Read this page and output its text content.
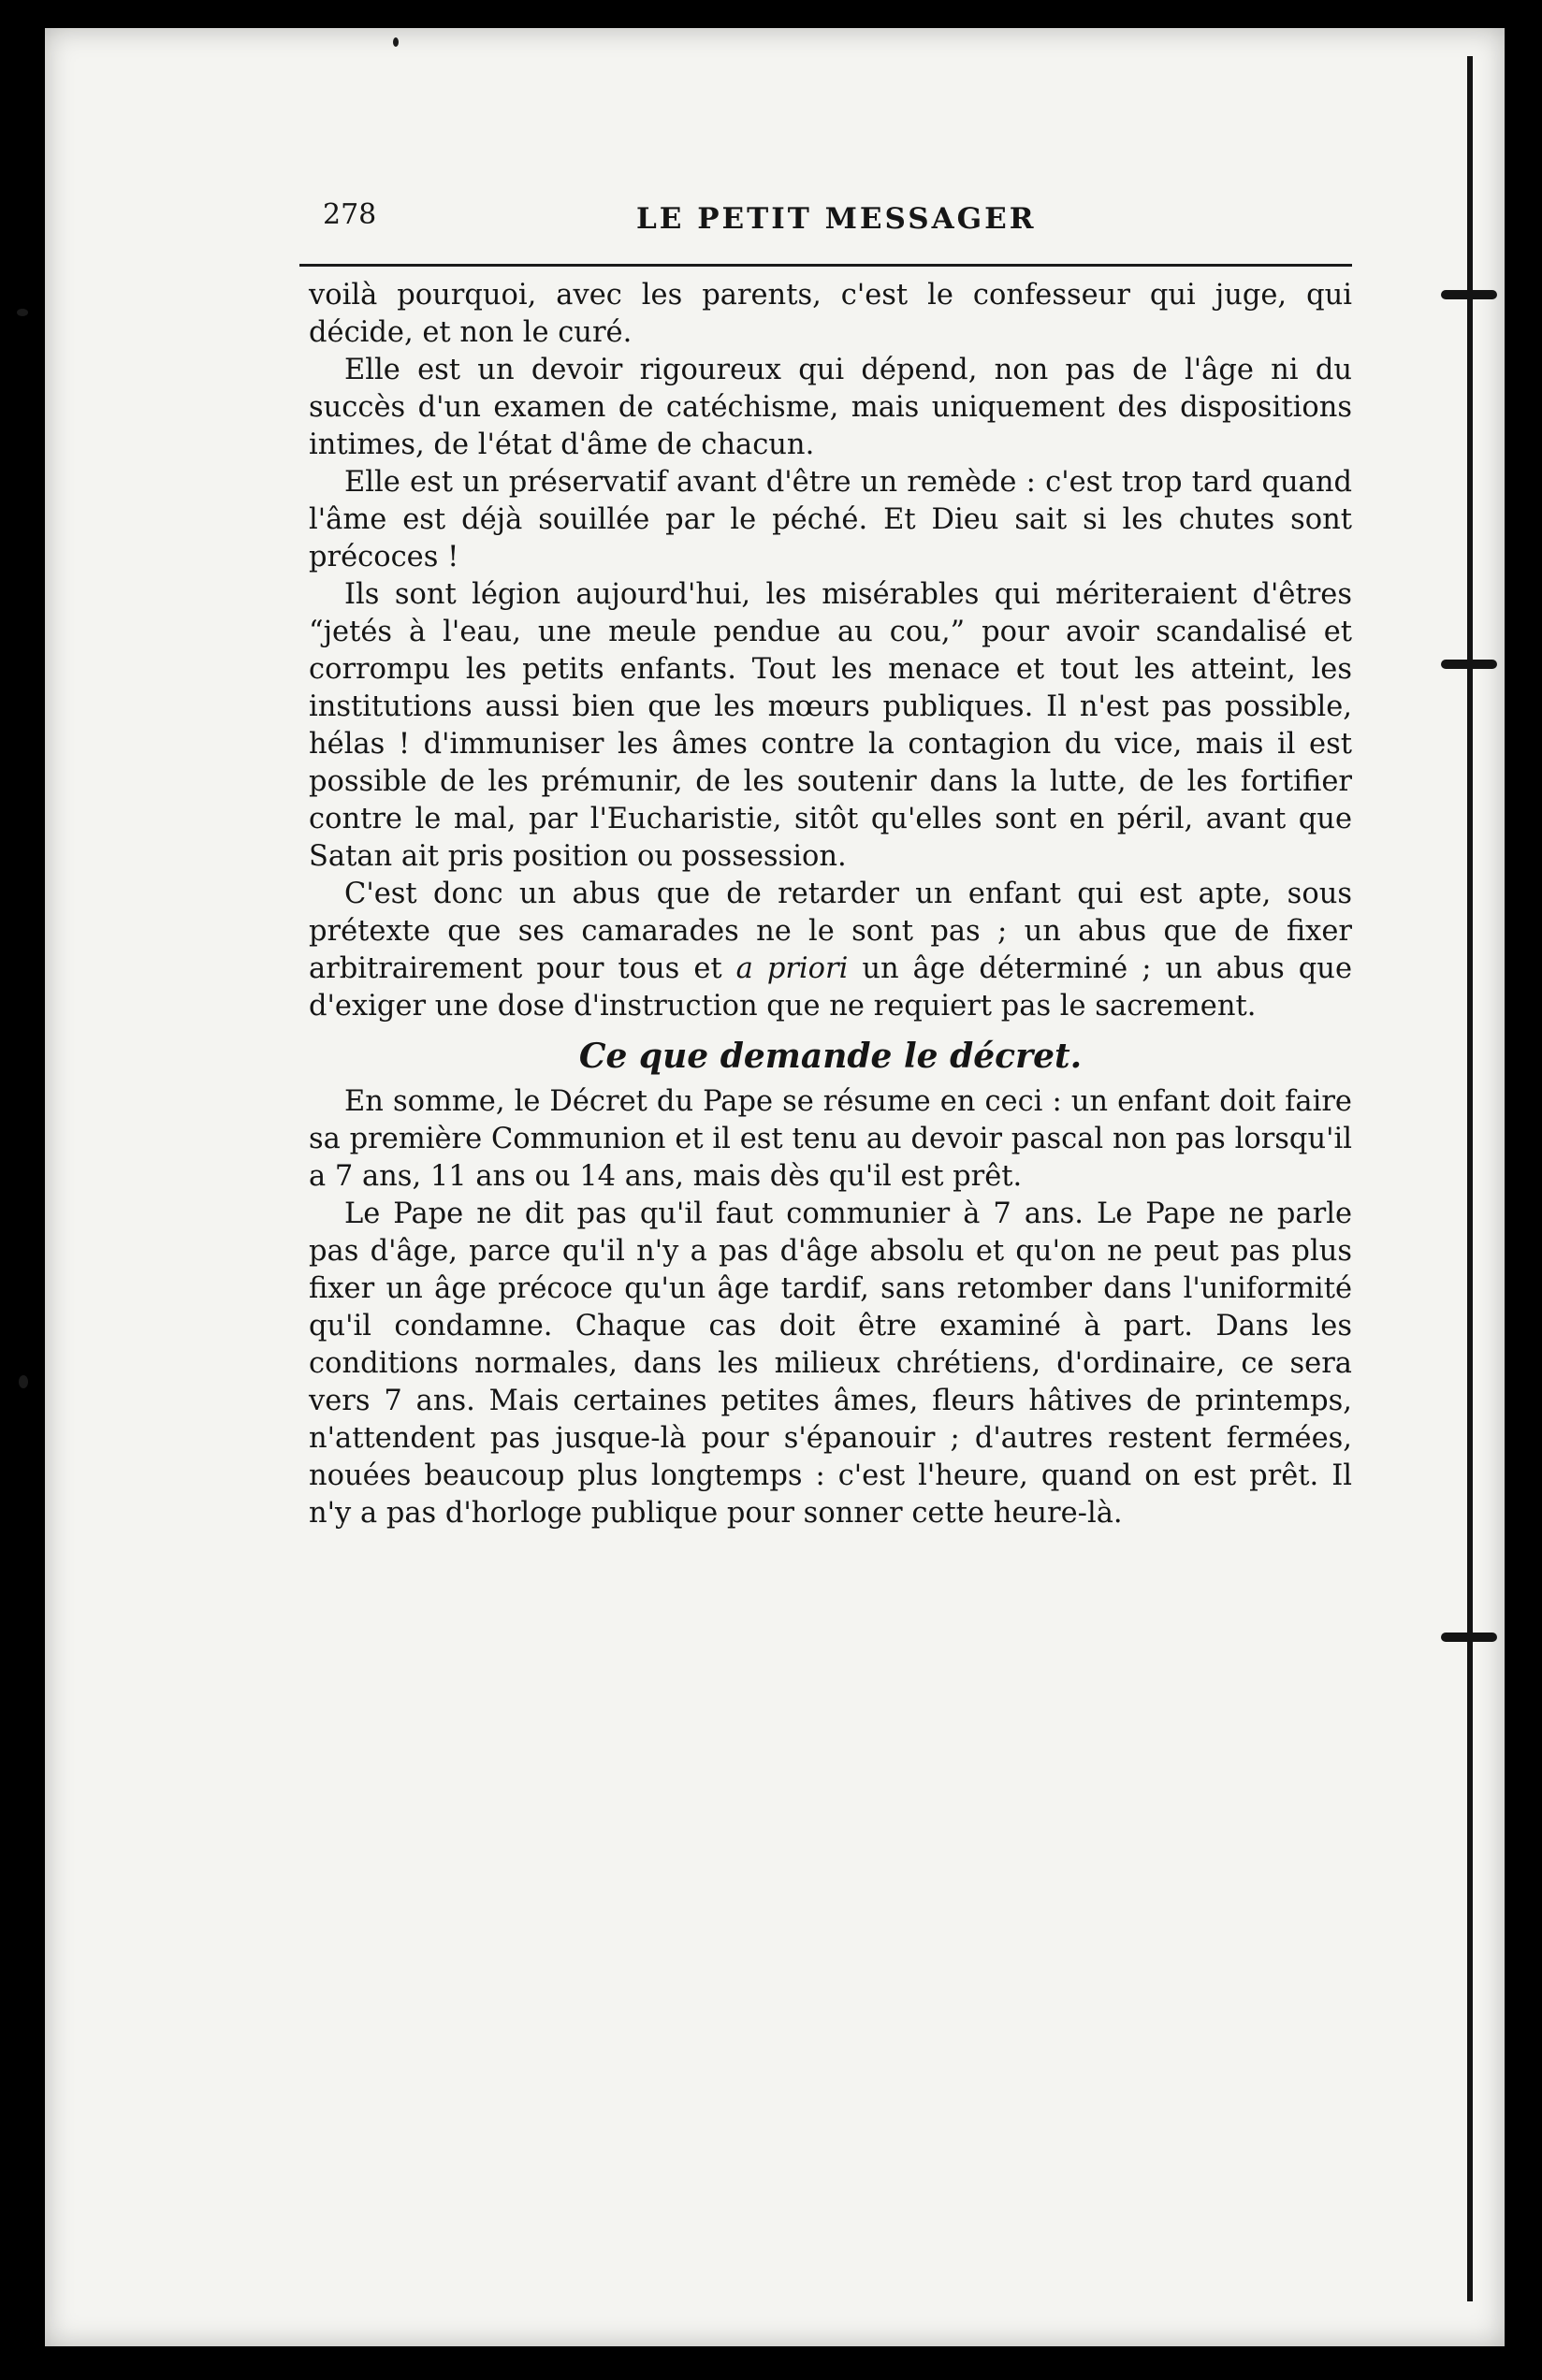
278	LE PETIT MESSAGER

voilà pourquoi, avec les parents, c'est le confesseur qui juge, qui décide, et non le curé.

Elle est un devoir rigoureux qui dépend, non pas de l'âge ni du succès d'un examen de catéchisme, mais uniquement des dispositions intimes, de l'état d'âme de chacun.

Elle est un préservatif avant d'être un remède : c'est trop tard quand l'âme est déjà souillée par le péché. Et Dieu sait si les chutes sont précoces !

Ils sont légion aujourd'hui, les misérables qui mériteraient d'êtres “jetés à l'eau, une meule pendue au cou,” pour avoir scandalisé et corrompu les petits enfants. Tout les menace et tout les atteint, les institutions aussi bien que les mœurs publiques. Il n'est pas possible, hélas ! d'immuniser les âmes contre la contagion du vice, mais il est possible de les prémunir, de les soutenir dans la lutte, de les fortifier contre le mal, par l'Eucharistie, sitôt qu'elles sont en péril, avant que Satan ait pris position ou possession.

C'est donc un abus que de retarder un enfant qui est apte, sous prétexte que ses camarades ne le sont pas ; un abus que de fixer arbitrairement pour tous et a priori un âge déterminé ; un abus que d'exiger une dose d'instruction que ne requiert pas le sacrement.

Ce que demande le décret.

En somme, le Décret du Pape se résume en ceci : un enfant doit faire sa première Communion et il est tenu au devoir pascal non pas lorsqu'il a 7 ans, 11 ans ou 14 ans, mais dès qu'il est prêt.

Le Pape ne dit pas qu'il faut communier à 7 ans. Le Pape ne parle pas d'âge, parce qu'il n'y a pas d'âge absolu et qu'on ne peut pas plus fixer un âge précoce qu'un âge tardif, sans retomber dans l'uniformité qu'il condamne. Chaque cas doit être examiné à part. Dans les conditions normales, dans les milieux chrétiens, d'ordinaire, ce sera vers 7 ans. Mais certaines petites âmes, fleurs hâtives de printemps, n'attendent pas jusque-là pour s'épanouir ; d'autres restent fermées, nouées beaucoup plus longtemps : c'est l'heure, quand on est prêt. Il n'y a pas d'horloge publique pour sonner cette heure-là.
